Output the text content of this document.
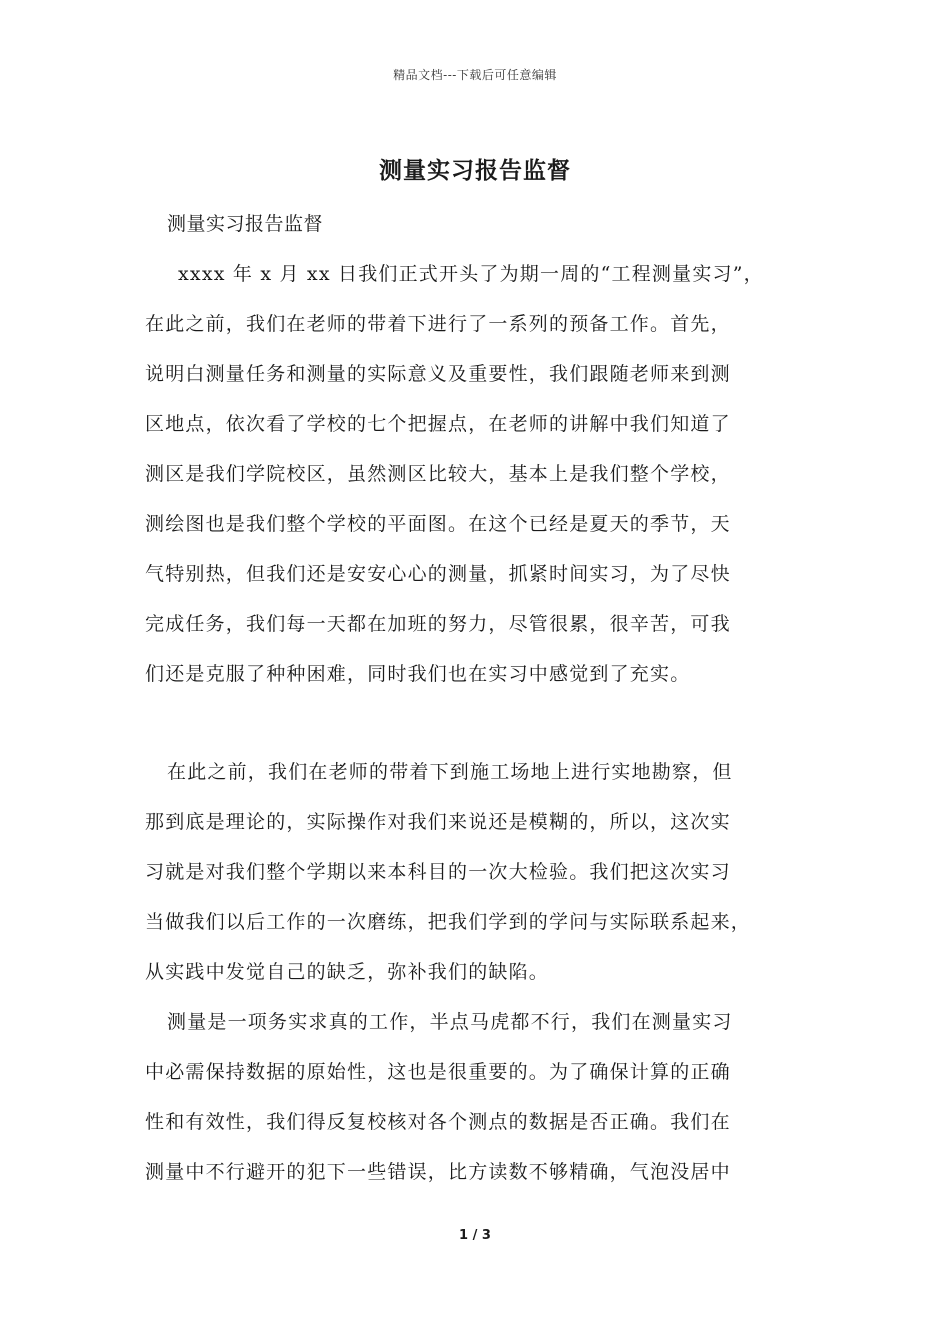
精品文档---下载后可任意编辑
测量实习报告监督
测量实习报告监督
xxxx 年 x 月 xx 日我们正式开头了为期一周的“工程测量实习”，
在此之前，我们在老师的带着下进行了一系列的预备工作。首先，
说明白测量任务和测量的实际意义及重要性，我们跟随老师来到测
区地点，依次看了学校的七个把握点，在老师的讲解中我们知道了
测区是我们学院校区，虽然测区比较大，基本上是我们整个学校，
测绘图也是我们整个学校的平面图。在这个已经是夏天的季节，天
气特别热，但我们还是安安心心的测量，抓紧时间实习，为了尽快
完成任务，我们每一天都在加班的努力，尽管很累，很辛苦，可我
们还是克服了种种困难，同时我们也在实习中感觉到了充实。
在此之前，我们在老师的带着下到施工场地上进行实地勘察，但
那到底是理论的，实际操作对我们来说还是模糊的，所以，这次实
习就是对我们整个学期以来本科目的一次大检验。我们把这次实习
当做我们以后工作的一次磨练，把我们学到的学问与实际联系起来，
从实践中发觉自己的缺乏，弥补我们的缺陷。
测量是一项务实求真的工作，半点马虎都不行，我们在测量实习
中必需保持数据的原始性，这也是很重要的。为了确保计算的正确
性和有效性，我们得反复校核对各个测点的数据是否正确。我们在
测量中不行避开的犯下一些错误，比方读数不够精确，气泡没居中
1 / 3
